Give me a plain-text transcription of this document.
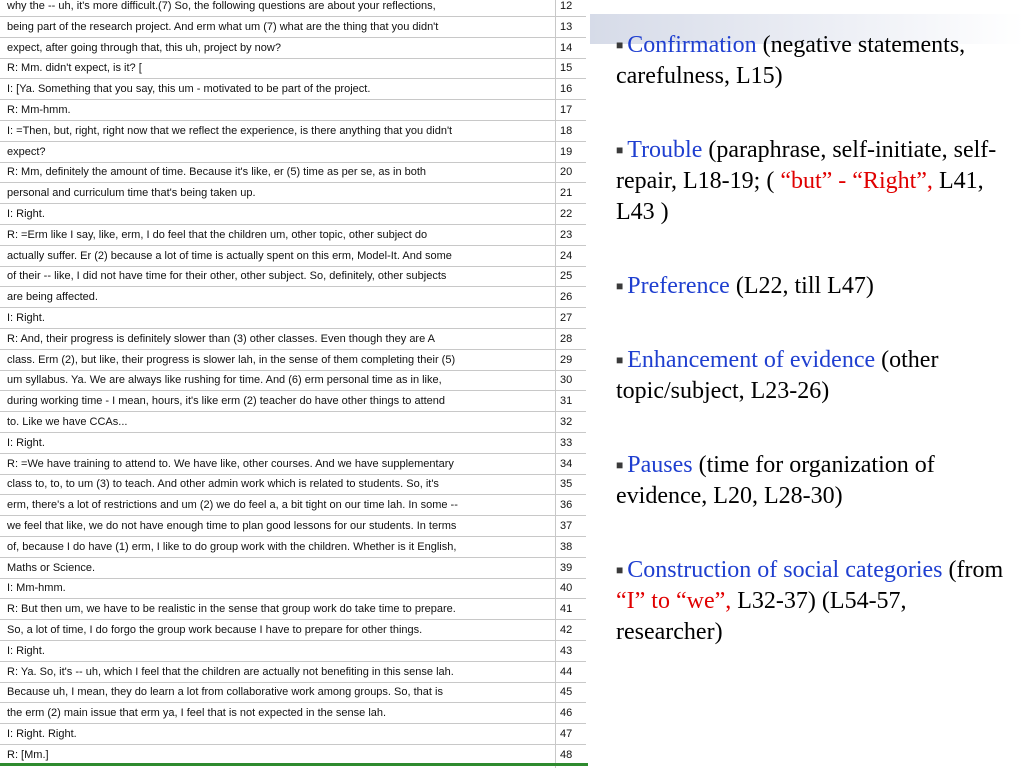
why the -- uh, it's more difficult.(7) So, the following questions are about your reflections,	12
being part of the research project. And erm what um (7) what are the thing that you didn't	13
expect, after going through that, this uh, project by now?	14
R: Mm. didn't expect, is it? [	15
I: [Ya. Something that you say, this um - motivated to be part of the project.	16
R: Mm-hmm.	17
I: =Then, but, right, right now that we reflect the experience, is there anything that you didn't	18
expect?	19
R: Mm, definitely the amount of time. Because it's like, er (5) time as per se, as in both	20
personal and curriculum time that's being taken up.	21
I: Right.	22
R: =Erm like I say, like, erm, I do feel that the children um, other topic, other subject do	23
actually suffer. Er (2) because a lot of time is actually spent on this erm, Model-It. And some	24
of their -- like, I did not have time for their other, other subject. So, definitely, other subjects	25
are being affected.	26
I: Right.	27
R: And, their progress is definitely slower than (3) other classes. Even though they are A	28
class. Erm (2), but like, their progress is slower lah, in the sense of them completing their (5)	29
um syllabus. Ya. We are always like rushing for time. And (6) erm personal time as in like,	30
during working time - I mean, hours, it's like erm (2) teacher do have other things to attend	31
to. Like we have CCAs...	32
I: Right.	33
R: =We have training to attend to. We have like, other courses. And we have supplementary	34
class to, to, to um (3) to teach. And other admin work which is related to students. So, it's	35
erm, there's a lot of restrictions and um (2) we do feel a, a bit tight on our time lah. In some --	36
we feel that like, we do not have enough time to plan good lessons for our students. In terms	37
of, because I do have (1) erm, I like to do group work with the children. Whether is it English,	38
Maths or Science.	39
I: Mm-hmm.	40
R: But then um, we have to be realistic in the sense that group work do take time to prepare.	41
So, a lot of time, I do forgo the group work because I have to prepare for other things.	42
I: Right.	43
R: Ya. So, it's -- uh, which I feel that the children are actually not benefiting in this sense lah.	44
Because uh, I mean, they do learn a lot from collaborative work among groups. So, that is	45
the erm (2) main issue that erm ya, I feel that is not expected in the sense lah.	46
I: Right. Right.	47
R: [Mm.]	48
■ Confirmation (negative statements, carefulness, L15)
■ Trouble (paraphrase, self-initiate, self-repair, L18-19; ( “but” - “Right”, L41, L43 )
■ Preference (L22, till L47)
■ Enhancement of evidence (other topic/subject, L23-26)
■ Pauses (time for organization of evidence, L20, L28-30)
■ Construction of social categories (from “I” to “we”, L32-37) (L54-57, researcher)
